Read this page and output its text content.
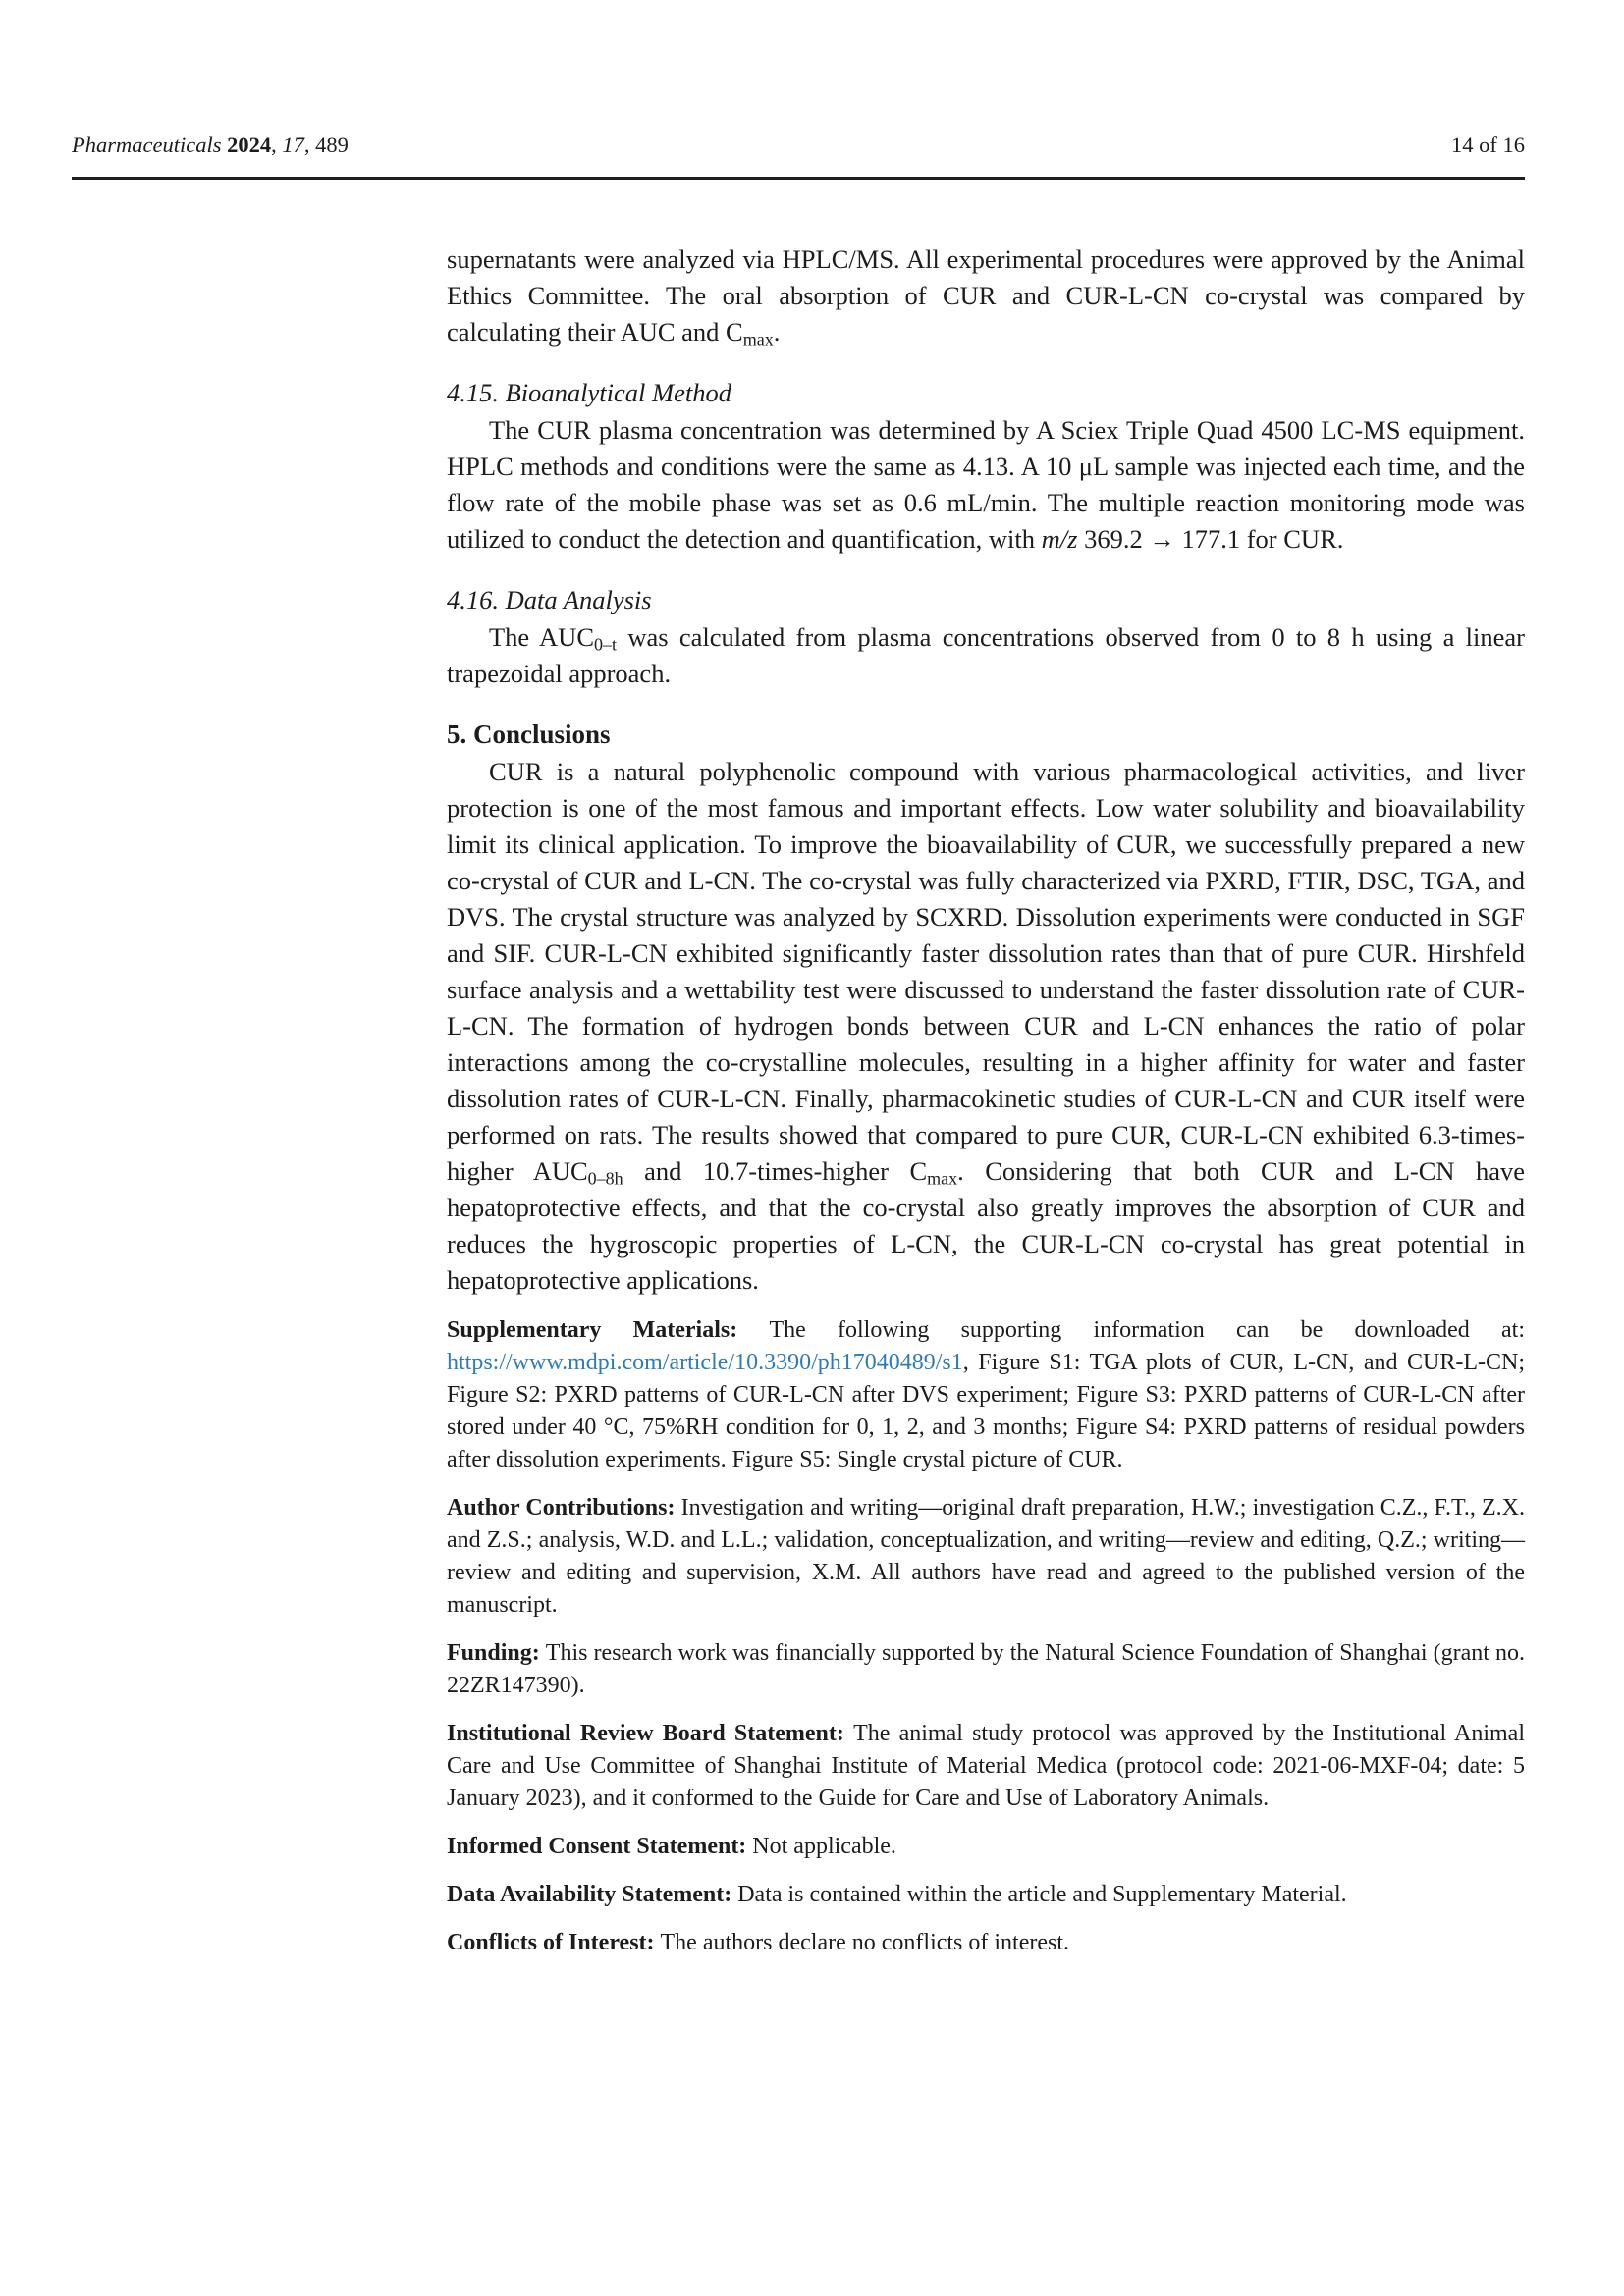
Pharmaceuticals 2024, 17, 489	14 of 16

supernatants were analyzed via HPLC/MS. All experimental procedures were approved by the Animal Ethics Committee. The oral absorption of CUR and CUR-L-CN co-crystal was compared by calculating their AUC and $C_{max}$.

4.15. Bioanalytical Method

The CUR plasma concentration was determined by A Sciex Triple Quad 4500 LC-MS equipment. HPLC methods and conditions were the same as 4.13. A 10 μL sample was injected each time, and the flow rate of the mobile phase was set as 0.6 mL/min. The multiple reaction monitoring mode was utilized to conduct the detection and quantification, with m/z 369.2 → 177.1 for CUR.

4.16. Data Analysis

The $AUC_{0-t}$ was calculated from plasma concentrations observed from 0 to 8 h using a linear trapezoidal approach.

5. Conclusions

CUR is a natural polyphenolic compound with various pharmacological activities, and liver protection is one of the most famous and important effects. Low water solubility and bioavailability limit its clinical application. To improve the bioavailability of CUR, we successfully prepared a new co-crystal of CUR and L-CN. The co-crystal was fully characterized via PXRD, FTIR, DSC, TGA, and DVS. The crystal structure was analyzed by SCXRD. Dissolution experiments were conducted in SGF and SIF. CUR-L-CN exhibited significantly faster dissolution rates than that of pure CUR. Hirshfeld surface analysis and a wettability test were discussed to understand the faster dissolution rate of CUR-L-CN. The formation of hydrogen bonds between CUR and L-CN enhances the ratio of polar interactions among the co-crystalline molecules, resulting in a higher affinity for water and faster dissolution rates of CUR-L-CN. Finally, pharmacokinetic studies of CUR-L-CN and CUR itself were performed on rats. The results showed that compared to pure CUR, CUR-L-CN exhibited 6.3-times-higher $AUC_{0-8h}$ and 10.7-times-higher $C_{max}$. Considering that both CUR and L-CN have hepatoprotective effects, and that the co-crystal also greatly improves the absorption of CUR and reduces the hygroscopic properties of L-CN, the CUR-L-CN co-crystal has great potential in hepatoprotective applications.

Supplementary Materials: The following supporting information can be downloaded at: https://www.mdpi.com/article/10.3390/ph17040489/s1, Figure S1: TGA plots of CUR, L-CN, and CUR-L-CN; Figure S2: PXRD patterns of CUR-L-CN after DVS experiment; Figure S3: PXRD patterns of CUR-L-CN after stored under 40 °C, 75%RH condition for 0, 1, 2, and 3 months; Figure S4: PXRD patterns of residual powders after dissolution experiments. Figure S5: Single crystal picture of CUR.

Author Contributions: Investigation and writing—original draft preparation, H.W.; investigation C.Z., F.T., Z.X. and Z.S.; analysis, W.D. and L.L.; validation, conceptualization, and writing—review and editing, Q.Z.; writing—review and editing and supervision, X.M. All authors have read and agreed to the published version of the manuscript.

Funding: This research work was financially supported by the Natural Science Foundation of Shanghai (grant no. 22ZR147390).

Institutional Review Board Statement: The animal study protocol was approved by the Institutional Animal Care and Use Committee of Shanghai Institute of Material Medica (protocol code: 2021-06-MXF-04; date: 5 January 2023), and it conformed to the Guide for Care and Use of Laboratory Animals.

Informed Consent Statement: Not applicable.

Data Availability Statement: Data is contained within the article and Supplementary Material.

Conflicts of Interest: The authors declare no conflicts of interest.
